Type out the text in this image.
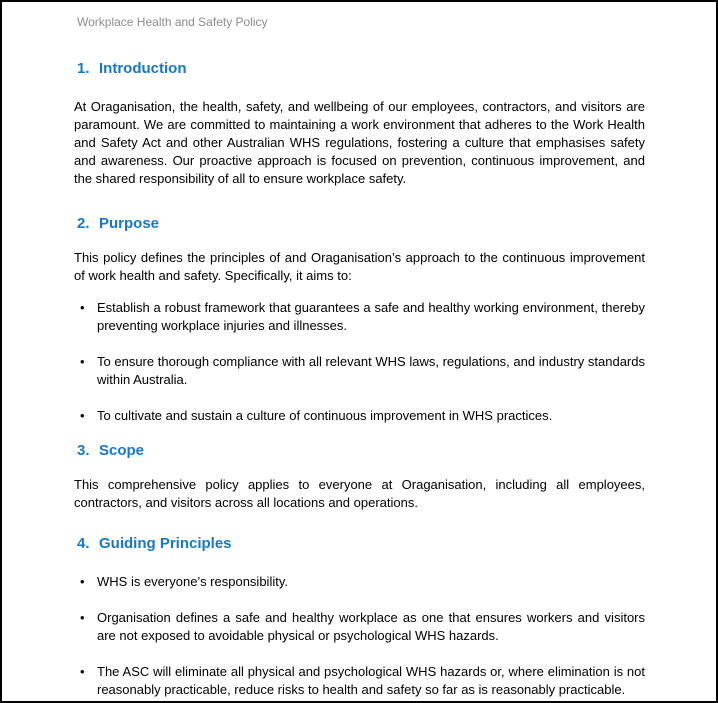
Workplace Health and Safety Policy
1. Introduction

At Oraganisation, the health, safety, and wellbeing of our employees, contractors, and visitors are paramount. We are committed to maintaining a work environment that adheres to the Work Health and Safety Act and other Australian WHS regulations, fostering a culture that emphasises safety and awareness. Our proactive approach is focused on prevention, continuous improvement, and the shared responsibility of all to ensure workplace safety.

2. Purpose

This policy defines the principles of and Oraganisation’s approach to the continuous improvement of work health and safety. Specifically, it aims to:

• Establish a robust framework that guarantees a safe and healthy working environment, thereby preventing workplace injuries and illnesses.
• To ensure thorough compliance with all relevant WHS laws, regulations, and industry standards within Australia.
• To cultivate and sustain a culture of continuous improvement in WHS practices.
3. Scope

This comprehensive policy applies to everyone at Oraganisation, including all employees, contractors, and visitors across all locations and operations.

4. Guiding Principles
• WHS is everyone’s responsibility.
• Organisation defines a safe and healthy workplace as one that ensures workers and visitors are not exposed to avoidable physical or psychological WHS hazards.
• The ASC will eliminate all physical and psychological WHS hazards or, where elimination is not reasonably practicable, reduce risks to health and safety so far as is reasonably practicable.
